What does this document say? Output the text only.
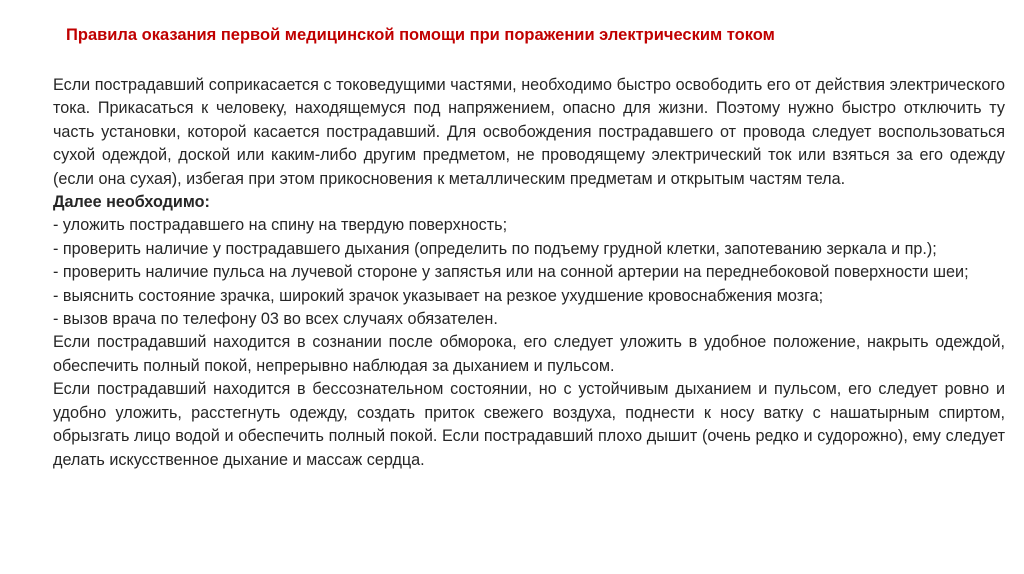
Правила оказания первой медицинской помощи при поражении электрическим током

Если пострадавший соприкасается с токоведущими частями, необходимо быстро освободить его от действия электрического тока. Прикасаться к человеку, находящемуся под напряжением, опасно для жизни. Поэтому нужно быстро отключить ту часть установки, которой касается пострадавший. Для освобождения пострадавшего от провода следует воспользоваться сухой одеждой, доской или каким-либо другим предметом, не проводящему электрический ток или взяться за его одежду (если она сухая), избегая при этом прикосновения к металлическим предметам и открытым частям тела.

Далее необходимо:

- уложить пострадавшего на спину на твердую поверхность;

- проверить наличие у пострадавшего дыхания (определить по подъему грудной клетки, запотеванию зеркала и пр.);

- проверить наличие пульса на лучевой стороне у запястья или на сонной артерии на переднебоковой поверхности шеи;

- выяснить состояние зрачка, широкий зрачок указывает на резкое ухудшение кровоснабжения мозга;

- вызов врача по телефону 03 во всех случаях обязателен.

Если пострадавший находится в сознании после обморока, его следует уложить в удобное положение, накрыть одеждой, обеспечить полный покой, непрерывно наблюдая за дыханием и пульсом.

Если пострадавший находится в бессознательном состоянии, но с устойчивым дыханием и пульсом, его следует ровно и удобно уложить, расстегнуть одежду, создать приток свежего воздуха, поднести к носу ватку с нашатырным спиртом, обрызгать лицо водой и обеспечить полный покой. Если пострадавший плохо дышит (очень редко и судорожно), ему следует делать искусственное дыхание и массаж сердца.
